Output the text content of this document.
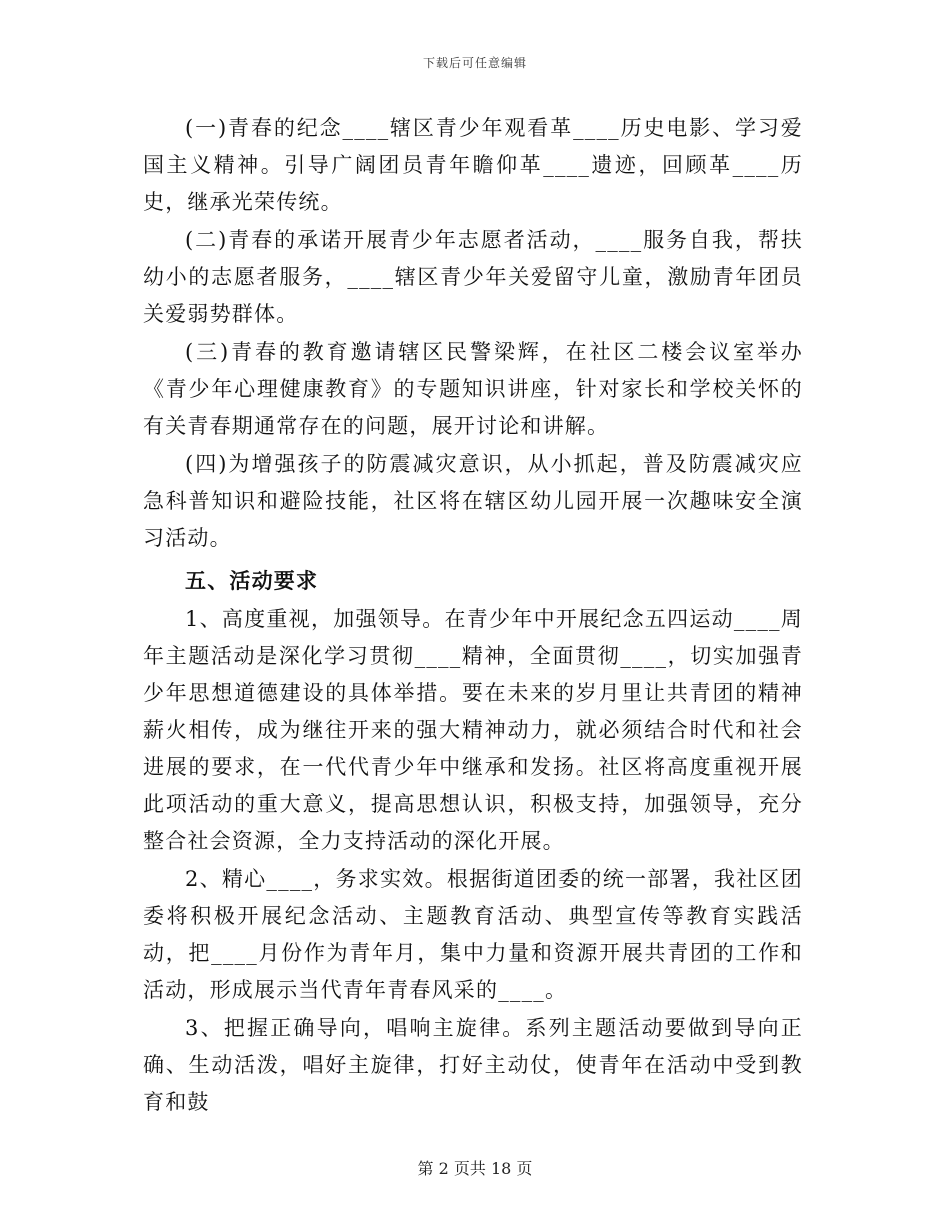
下载后可任意编辑

(一)青春的纪念____辖区青少年观看革____历史电影、学习爱国主义精神。引导广阔团员青年瞻仰革____遗迹，回顾革____历史，继承光荣传统。

(二)青春的承诺开展青少年志愿者活动，____服务自我，帮扶幼小的志愿者服务，____辖区青少年关爱留守儿童，激励青年团员关爱弱势群体。

(三)青春的教育邀请辖区民警梁辉，在社区二楼会议室举办《青少年心理健康教育》的专题知识讲座，针对家长和学校关怀的有关青春期通常存在的问题，展开讨论和讲解。

(四)为增强孩子的防震减灾意识，从小抓起，普及防震减灾应急科普知识和避险技能，社区将在辖区幼儿园开展一次趣味安全演习活动。

五、活动要求

1、高度重视，加强领导。在青少年中开展纪念五四运动____周年主题活动是深化学习贯彻____精神，全面贯彻____，切实加强青少年思想道德建设的具体举措。要在未来的岁月里让共青团的精神薪火相传，成为继往开来的强大精神动力，就必须结合时代和社会进展的要求，在一代代青少年中继承和发扬。社区将高度重视开展此项活动的重大意义，提高思想认识，积极支持，加强领导，充分整合社会资源，全力支持活动的深化开展。

2、精心____，务求实效。根据街道团委的统一部署，我社区团委将积极开展纪念活动、主题教育活动、典型宣传等教育实践活动，把____月份作为青年月，集中力量和资源开展共青团的工作和活动，形成展示当代青年青春风采的____。

3、把握正确导向，唱响主旋律。系列主题活动要做到导向正确、生动活泼，唱好主旋律，打好主动仗，使青年在活动中受到教育和鼓

第 2 页共 18 页
